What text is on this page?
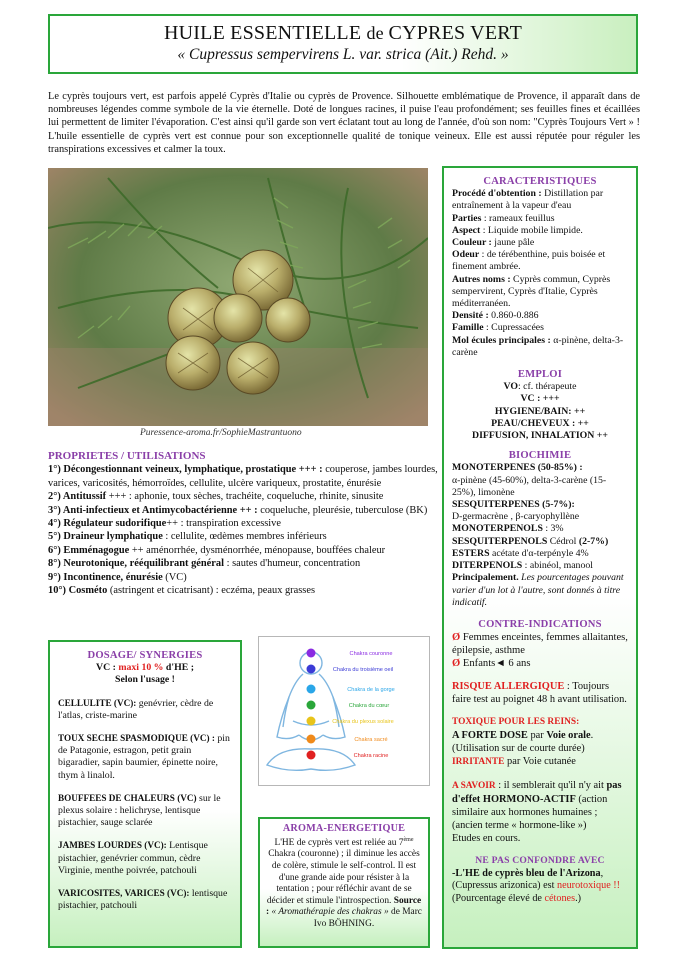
HUILE ESSENTIELLE de CYPRES VERT
« Cupressus sempervirens L. var. strica (Ait.) Rehd. »
Le cyprès toujours vert, est parfois appelé Cyprès d'Italie ou cyprès de Provence. Silhouette emblématique de Provence, il apparaît dans de nombreuses légendes comme symbole de la vie éternelle. Doté de longues racines, il puise l'eau profondément; ses feuilles fines et écaillées lui permettent de limiter l'évaporation. C'est ainsi qu'il garde son vert éclatant tout au long de l'année, d'où son nom: "Cyprès Toujours Vert » ! L'huile essentielle de cyprès vert est connue pour son exceptionnelle qualité de tonique veineux. Elle est aussi réputée pour réguler les transpirations excessives et calmer la toux.
Puressence-aroma.fr/SophieMastrantuono
PROPRIETES / UTILISATIONS
1°) Décongestionnant veineux, lymphatique, prostatique +++ : couperose, jambes lourdes, varices, varicosités, hémorroïdes, cellulite, ulcère variqueux, prostatite, énurésie
2°) Antitussif +++ : aphonie, toux sèches, trachéite, coqueluche, rhinite, sinusite
3°) Anti-infectieux et Antimycobactérienne ++ : coqueluche, pleurésie, tuberculose (BK)
4°) Régulateur sudorifique++ : transpiration excessive
5°) Draineur lymphatique : cellulite, œdèmes membres inférieurs
6°) Emménagogue ++ aménorrhée, dysménorrhée, ménopause, bouffées chaleur
8°) Neurotonique, rééquilibrant général : sautes d'humeur, concentration
9°) Incontinence, énurésie (VC)
10°) Cosméto (astringent et cicatrisant) : eczéma, peaux grasses
CARACTERISTIQUES
Procédé d'obtention : Distillation par entraînement à la vapeur d'eau
Parties : rameaux feuillus
Aspect : Liquide mobile limpide.
Couleur : jaune pâle
Odeur : de térébenthine, puis boisée et finement ambrée.
Autres noms : Cyprès commun, Cyprès sempervirent, Cyprès d'Italie, Cyprès méditerranéen.
Densité : 0.860-0.886
Famille : Cupressacées
Mol écules principales : α-pinène, delta-3-carène
EMPLOI
VO: cf. thérapeute
VC : +++
HYGIENE/BAIN: ++
PEAU/CHEVEUX : ++
DIFFUSION, INHALATION ++
BIOCHIMIE
MONOTERPENES (50-85%) :
α-pinène (45-60%), delta-3-carène (15-25%), limonène
SESQUITERPENES (5-7%):
D-germacrène , β-caryophyllène
MONOTERPENOLS : 3%
SESQUITERPENOLS Cédrol (2-7%)
ESTERS acétate d'α-terpényle 4%
DITERPENOLS : abinéol, manool
Principalement. Les pourcentages pouvant varier d'un lot à l'autre, sont donnés à titre indicatif.
CONTRE-INDICATIONS
Ø Femmes enceintes, femmes allaitantes, épilepsie, asthme
Ø Enfants◄ 6 ans
RISQUE ALLERGIQUE : Toujours faire test au poignet 48 h avant utilisation.
TOXIQUE POUR LES REINS:
A FORTE DOSE par Voie orale.
(Utilisation sur de courte durée)
IRRITANTE par Voie cutanée
A SAVOIR : il semblerait qu'il n'y ait pas d'effet HORMONO-ACTIF (action similaire aux hormones humaines ;
(ancien terme « hormone-like »)
Etudes en cours.
NE PAS CONFONDRE AVEC
-L'HE de cyprès bleu de l'Arizona, (Cupressus arizonica) est neurotoxique !!
(Pourcentage élevé de cétones.)
DOSAGE/ SYNERGIES
VC : maxi 10 % d'HE ;
Selon l'usage !
CELLULITE (VC): genévrier, cèdre de l'atlas, criste-marine
TOUX SECHE SPASMODIQUE (VC) : pin de Patagonie, estragon, petit grain bigaradier, sapin baumier, épinette noire, thym à linalol.
BOUFFEES DE CHALEURS (VC) sur le plexus solaire : helichryse, lentisque pistachier, sauge sclarée
JAMBES LOURDES (VC): Lentisque pistachier, genévrier commun, cèdre Virginie, menthe poivrée, patchouli
VARICOSITES, VARICES (VC): lentisque pistachier, patchouli
Chakra couronne
Chakra du troisième oeil
Chakra de la gorge
Chakra du cœur
Chakra du plexus solaire
Chakra sacré
Chakra racine
AROMA-ENERGETIQUE
L'HE de cyprès vert est reliée au 7ème Chakra (couronne) ; il diminue les accès de colère, stimule le self-control. Il est d'une grande aide pour résister à la tentation ; pour réfléchir avant de se décider et stimule l'introspection. Source : « Aromathérapie des chakras » de Marc Ivo BÖHNING.
